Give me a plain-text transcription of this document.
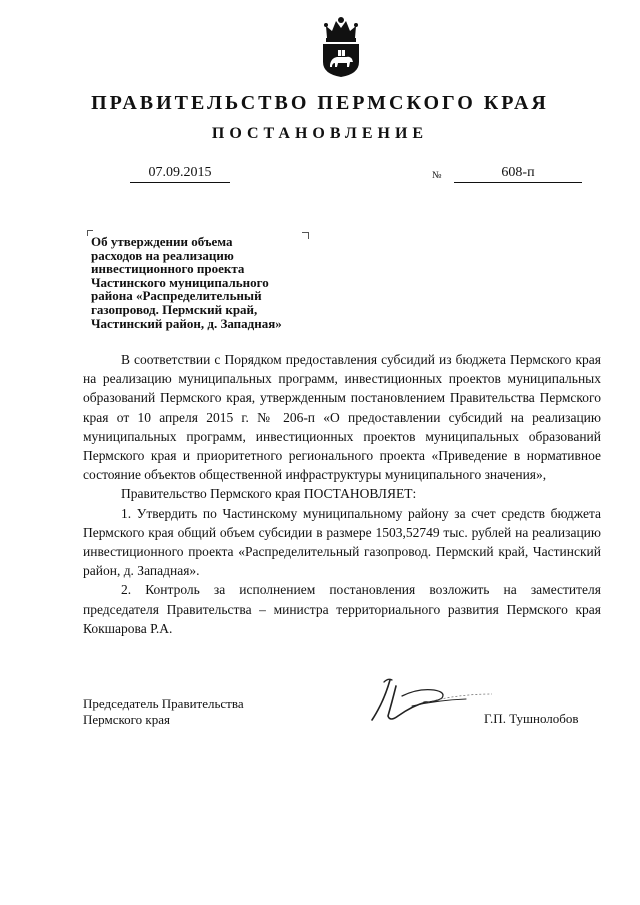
ПРАВИТЕЛЬСТВО ПЕРМСКОГО КРАЯ
ПОСТАНОВЛЕНИЕ
07.09.2015	№	608-п
Об утверждении объема
расходов на реализацию
инвестиционного проекта
Частинского муниципального
района «Распределительный
газопровод. Пермский край,
Частинский район, д. Западная»

В соответствии с Порядком предоставления субсидий из бюджета Пермского края на реализацию муниципальных программ, инвестиционных проектов муниципальных образований Пермского края, утвержденным постановлением Правительства Пермского края от 10 апреля 2015 г. № 206-п «О предоставлении субсидий на реализацию муниципальных программ, инвестиционных проектов муниципальных образований Пермского края и приоритетного регионального проекта «Приведение в нормативное состояние объектов общественной инфраструктуры муниципального значения»,

Правительство Пермского края ПОСТАНОВЛЯЕТ:

1. Утвердить по Частинскому муниципальному району за счет средств бюджета Пермского края общий объем субсидии в размере 1503,52749 тыс. рублей на реализацию инвестиционного проекта «Распределительный газопровод. Пермский край, Частинский район, д. Западная».

2. Контроль за исполнением постановления возложить на заместителя председателя Правительства – министра территориального развития Пермского края Кокшарова Р.А.

Председатель Правительства
Пермского края	Г.П. Тушнолобов
